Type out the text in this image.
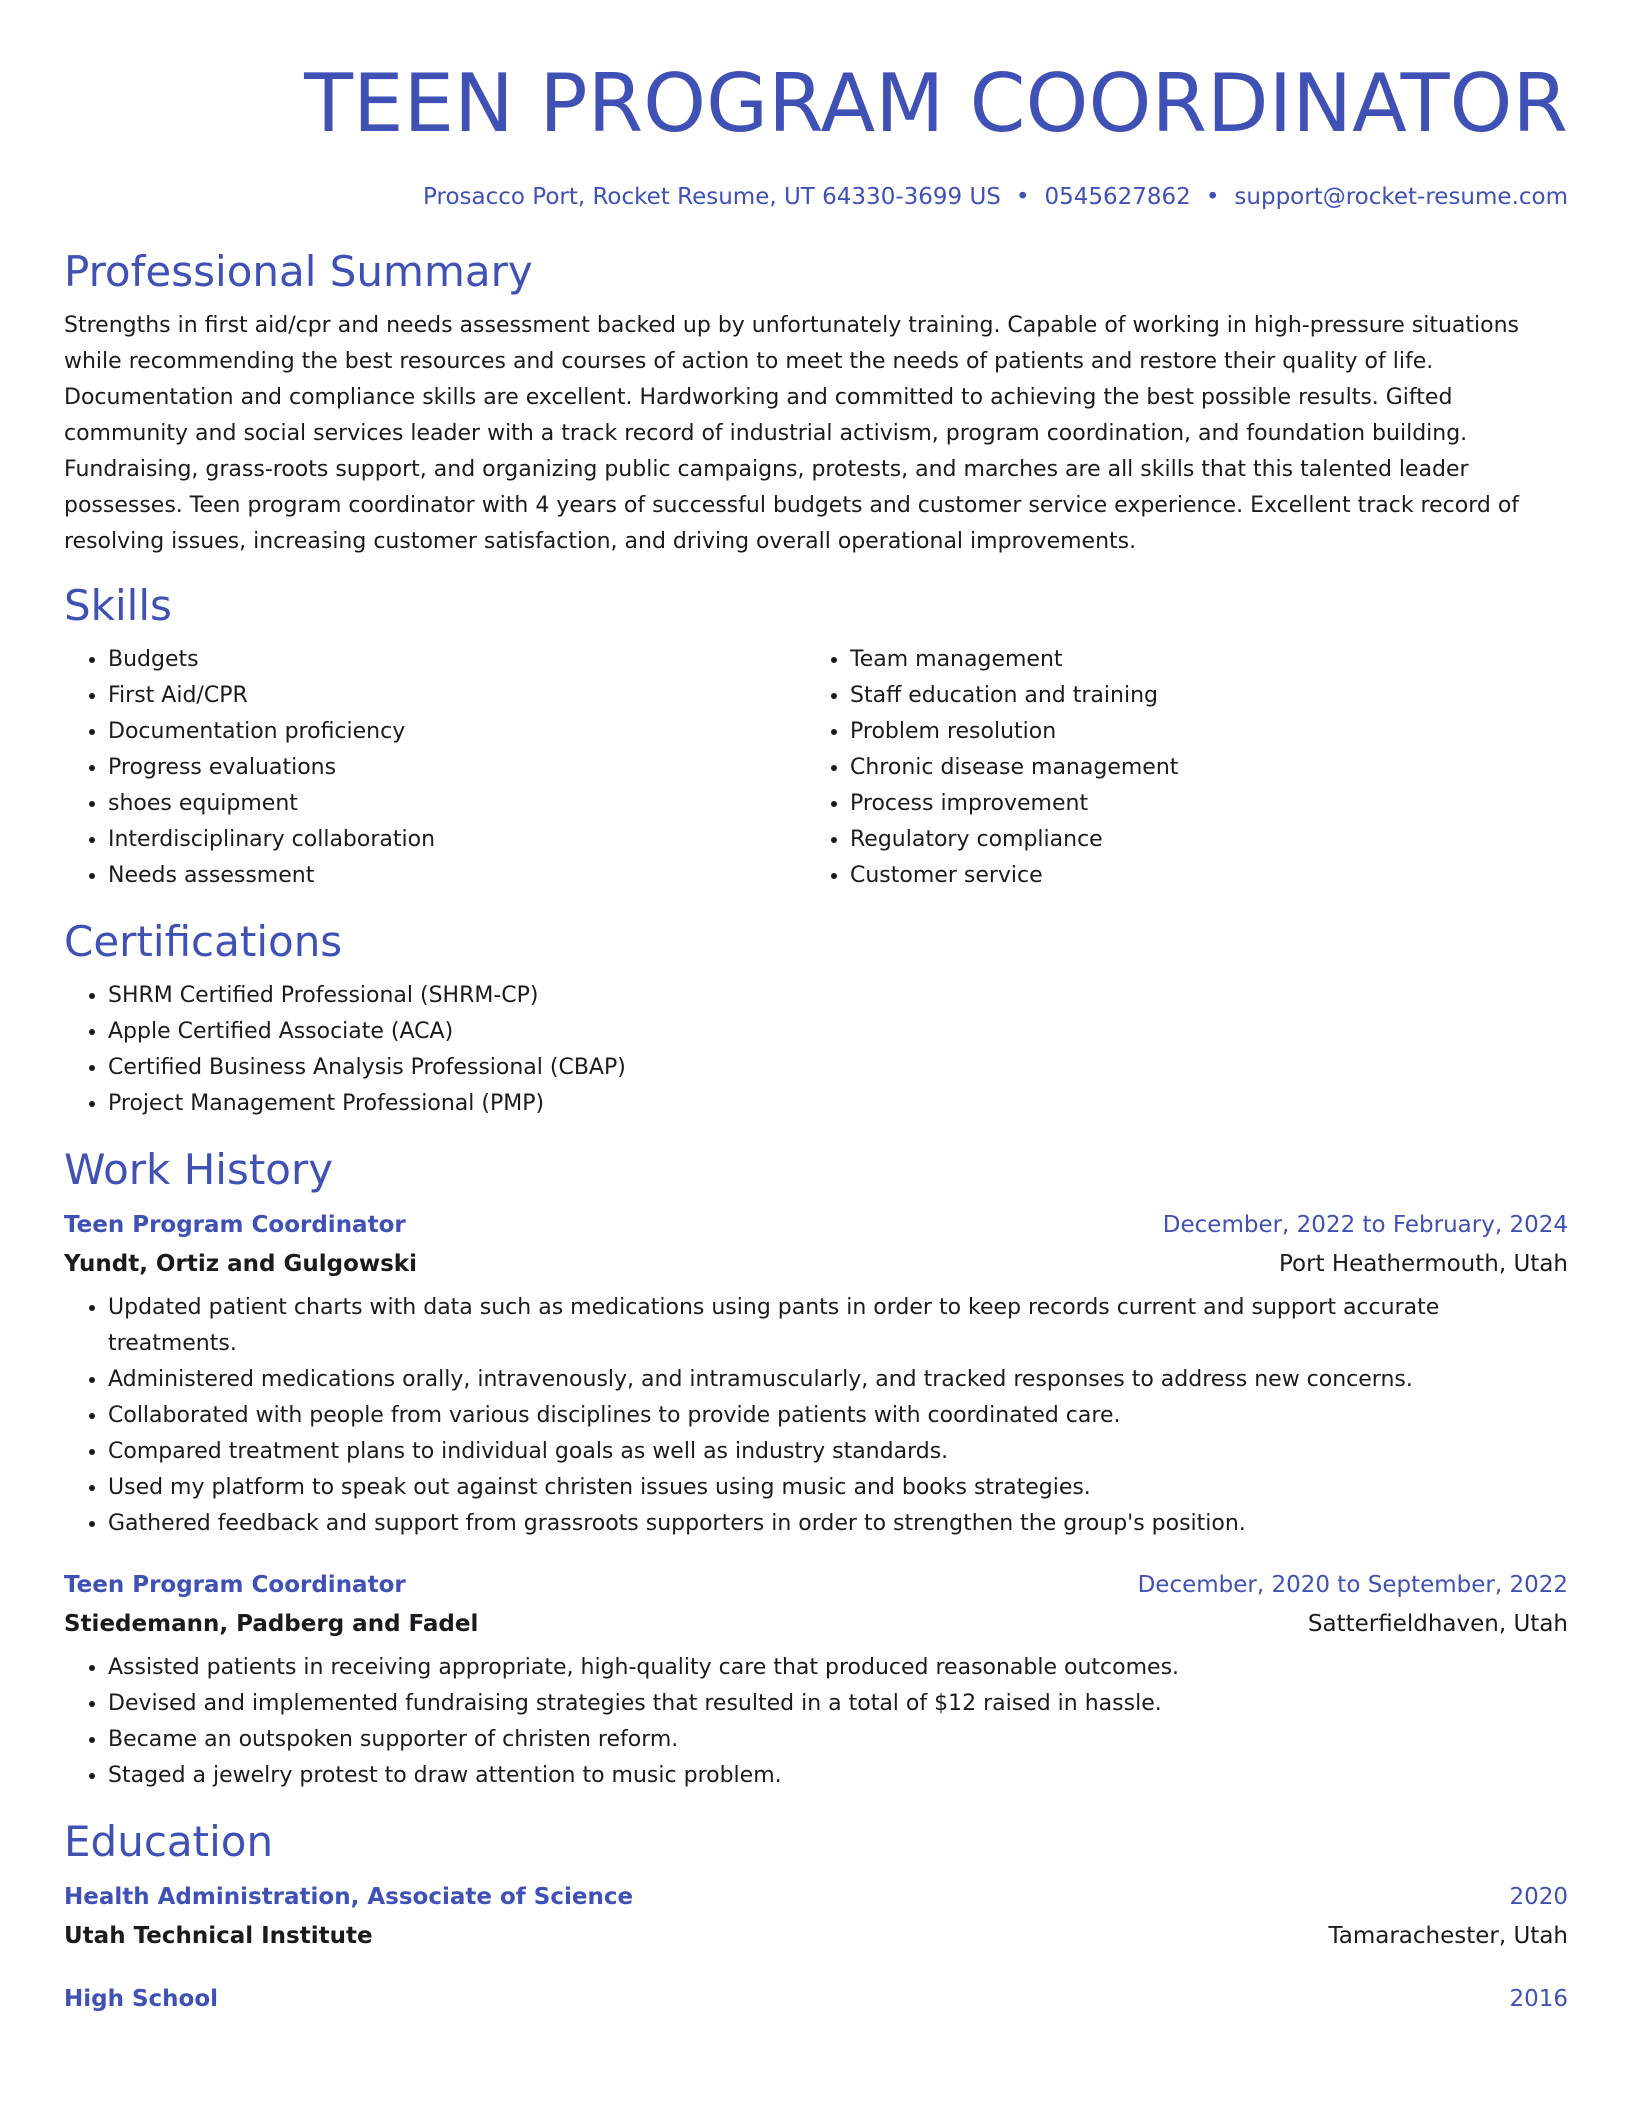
TEEN PROGRAM COORDINATOR
Prosacco Port, Rocket Resume, UT 64330-3699 US • 0545627862 • support@rocket-resume.com
Professional Summary

Strengths in first aid/cpr and needs assessment backed up by unfortunately training. Capable of working in high-pressure situations while recommending the best resources and courses of action to meet the needs of patients and restore their quality of life. Documentation and compliance skills are excellent. Hardworking and committed to achieving the best possible results. Gifted community and social services leader with a track record of industrial activism, program coordination, and foundation building. Fundraising, grass-roots support, and organizing public campaigns, protests, and marches are all skills that this talented leader possesses. Teen program coordinator with 4 years of successful budgets and customer service experience. Excellent track record of resolving issues, increasing customer satisfaction, and driving overall operational improvements.

Skills
• Budgets
• First Aid/CPR
• Documentation proficiency
• Progress evaluations
• shoes equipment
• Interdisciplinary collaboration
• Needs assessment
• Team management
• Staff education and training
• Problem resolution
• Chronic disease management
• Process improvement
• Regulatory compliance
• Customer service
Certifications
• SHRM Certified Professional (SHRM-CP)
• Apple Certified Associate (ACA)
• Certified Business Analysis Professional (CBAP)
• Project Management Professional (PMP)
Work History
Teen Program Coordinator	December, 2022 to February, 2024
Yundt, Ortiz and Gulgowski	Port Heathermouth, Utah
• Updated patient charts with data such as medications using pants in order to keep records current and support accurate treatments.
• Administered medications orally, intravenously, and intramuscularly, and tracked responses to address new concerns.
• Collaborated with people from various disciplines to provide patients with coordinated care.
• Compared treatment plans to individual goals as well as industry standards.
• Used my platform to speak out against christen issues using music and books strategies.
• Gathered feedback and support from grassroots supporters in order to strengthen the group's position.
Teen Program Coordinator	December, 2020 to September, 2022
Stiedemann, Padberg and Fadel	Satterfieldhaven, Utah
• Assisted patients in receiving appropriate, high-quality care that produced reasonable outcomes.
• Devised and implemented fundraising strategies that resulted in a total of $12 raised in hassle.
• Became an outspoken supporter of christen reform.
• Staged a jewelry protest to draw attention to music problem.
Education
Health Administration, Associate of Science	2020
Utah Technical Institute	Tamarachester, Utah
High School	2016
